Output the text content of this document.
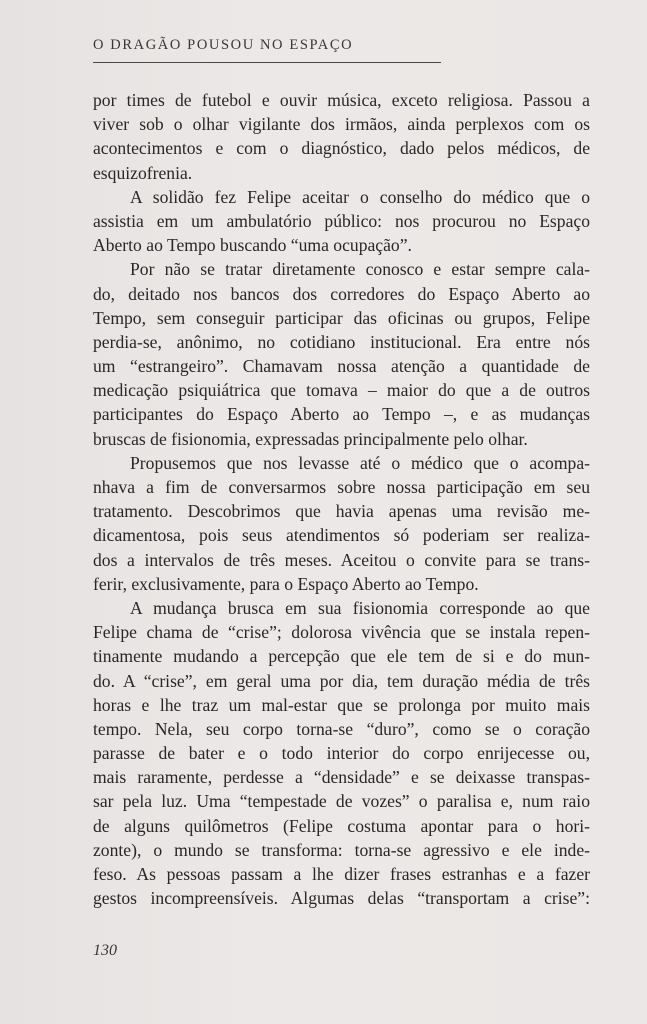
O DRAGÃO POUSOU NO ESPAÇO
por times de futebol e ouvir música, exceto religiosa. Passou a
viver sob o olhar vigilante dos irmãos, ainda perplexos com os
acontecimentos e com o diagnóstico, dado pelos médicos, de
esquizofrenia.
A solidão fez Felipe aceitar o conselho do médico que o
assistia em um ambulatório público: nos procurou no Espaço
Aberto ao Tempo buscando “uma ocupação”.
Por não se tratar diretamente conosco e estar sempre cala-
do, deitado nos bancos dos corredores do Espaço Aberto ao
Tempo, sem conseguir participar das oficinas ou grupos, Felipe
perdia-se, anônimo, no cotidiano institucional. Era entre nós
um “estrangeiro”. Chamavam nossa atenção a quantidade de
medicação psiquiátrica que tomava – maior do que a de outros
participantes do Espaço Aberto ao Tempo –, e as mudanças
bruscas de fisionomia, expressadas principalmente pelo olhar.
Propusemos que nos levasse até o médico que o acompa-
nhava a fim de conversarmos sobre nossa participação em seu
tratamento. Descobrimos que havia apenas uma revisão me-
dicamentosa, pois seus atendimentos só poderiam ser realiza-
dos a intervalos de três meses. Aceitou o convite para se trans-
ferir, exclusivamente, para o Espaço Aberto ao Tempo.
A mudança brusca em sua fisionomia corresponde ao que
Felipe chama de “crise”; dolorosa vivência que se instala repen-
tinamente mudando a percepção que ele tem de si e do mun-
do. A “crise”, em geral uma por dia, tem duração média de três
horas e lhe traz um mal-estar que se prolonga por muito mais
tempo. Nela, seu corpo torna-se “duro”, como se o coração
parasse de bater e o todo interior do corpo enrijecesse ou,
mais raramente, perdesse a “densidade” e se deixasse transpas-
sar pela luz. Uma “tempestade de vozes” o paralisa e, num raio
de alguns quilômetros (Felipe costuma apontar para o hori-
zonte), o mundo se transforma: torna-se agressivo e ele inde-
feso. As pessoas passam a lhe dizer frases estranhas e a fazer
gestos incompreensíveis. Algumas delas “transportam a crise”:
130
